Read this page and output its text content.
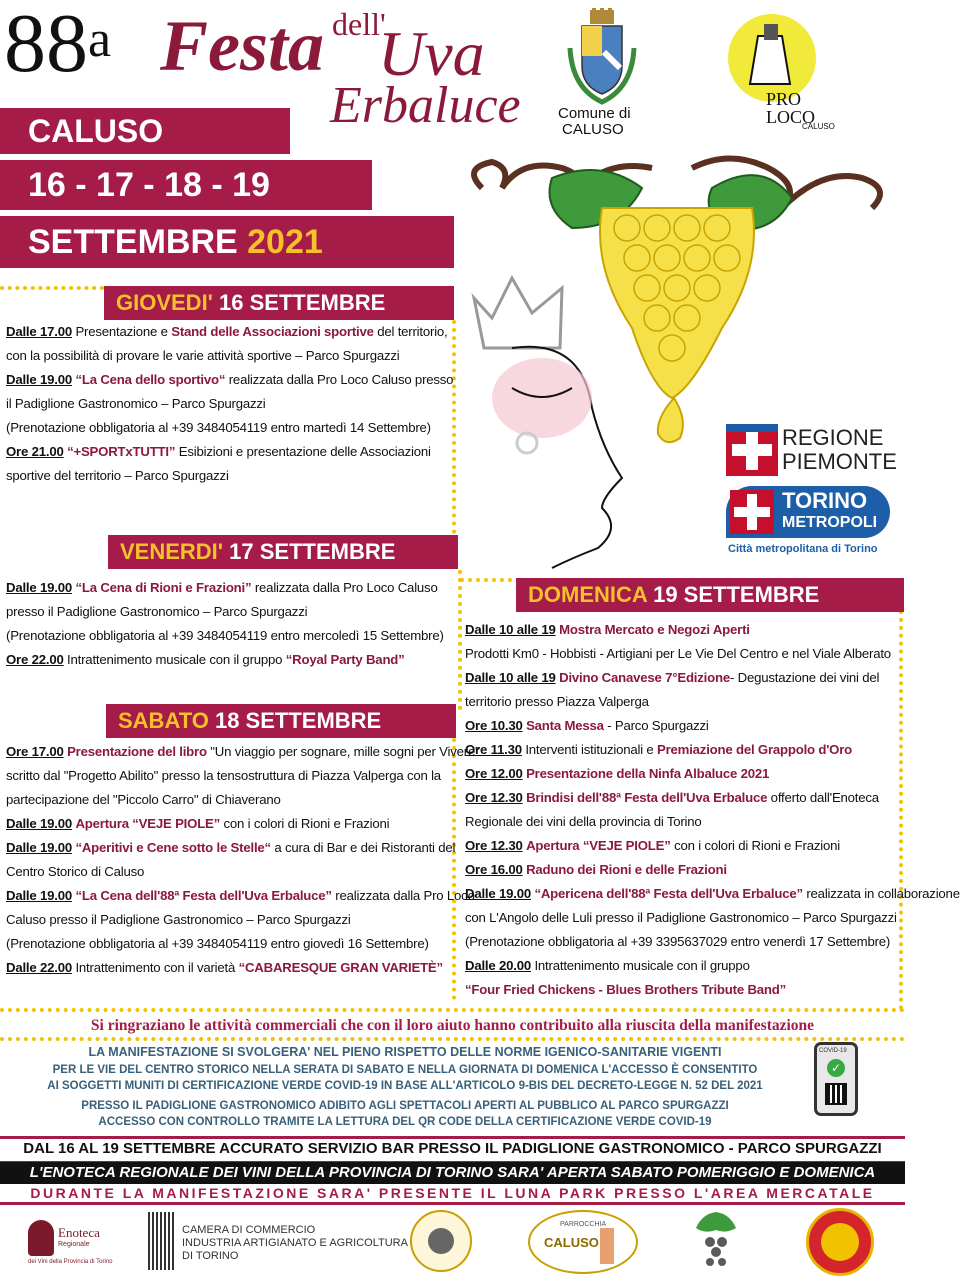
88$^a$ Festa dell'
Uva
Erbaluce
CALUSO
16 - 17 - 18 - 19
SETTEMBRE 2021
Comune di
CALUSO
PRO
LOCO
CALUSO
REGIONE
PIEMONTE
TORINO
METROPOLI
Città metropolitana di Torino
GIOVEDI' 16 SETTEMBRE
VENERDI' 17 SETTEMBRE
SABATO 18 SETTEMBRE
DOMENICA 19 SETTEMBRE
Si ringraziano le attività commerciali che con il loro aiuto hanno contribuito alla riuscita della manifestazione
LA MANIFESTAZIONE SI SVOLGERA' NEL PIENO RISPETTO DELLE NORME IGENICO-SANITARIE VIGENTI
PER LE VIE DEL CENTRO STORICO NELLA SERATA DI SABATO E NELLA GIORNATA DI DOMENICA L'ACCESSO È CONSENTITO
AI SOGGETTI MUNITI DI CERTIFICAZIONE VERDE COVID-19 IN BASE ALL'ARTICOLO 9-BIS DEL DECRETO-LEGGE N. 52 DEL 2021
PRESSO IL PADIGLIONE GASTRONOMICO ADIBITO AGLI SPETTACOLI APERTI AL PUBBLICO AL PARCO SPURGAZZI
ACCESSO CON CONTROLLO TRAMITE LA LETTURA DEL QR CODE DELLA CERTIFICAZIONE VERDE COVID-19
COVID-19
✓
DAL 16 AL 19 SETTEMBRE ACCURATO SERVIZIO BAR PRESSO IL PADIGLIONE GASTRONOMICO - PARCO SPURGAZZI
L'ENOTECA REGIONALE DEI VINI DELLA PROVINCIA DI TORINO SARA' APERTA SABATO POMERIGGIO E DOMENICA
DURANTE LA MANIFESTAZIONE SARA' PRESENTE IL LUNA PARK PRESSO L'AREA MERCATALE
Enoteca
Regionale
dei Vini della Provincia di Torino
CAMERA DI COMMERCIO
INDUSTRIA ARTIGIANATO E AGRICOLTURA
DI TORINO
PARROCCHIA
CALUSO
Dalle 17.00 Presentazione e Stand delle Associazioni sportive del territorio,
con la possibilità di provare le varie attività sportive – Parco Spurgazzi
Dalle 19.00 “La Cena dello sportivo“ realizzata dalla Pro Loco Caluso presso
il Padiglione Gastronomico – Parco Spurgazzi
(Prenotazione obbligatoria al +39 3484054119 entro martedì 14 Settembre)
Ore 21.00 “+SPORTxTUTTI” Esibizioni e presentazione delle Associazioni
sportive del territorio – Parco Spurgazzi
Dalle 19.00 “La Cena di Rioni e Frazioni” realizzata dalla Pro Loco Caluso
presso il Padiglione Gastronomico – Parco Spurgazzi
(Prenotazione obbligatoria al +39 3484054119 entro mercoledì 15 Settembre)
Ore 22.00 Intrattenimento musicale con il gruppo “Royal Party Band”
Ore 17.00 Presentazione del libro "Un viaggio per sognare, mille sogni per Vivere"
scritto dal "Progetto Abilito" presso la tensostruttura di Piazza Valperga con la
partecipazione del "Piccolo Carro" di Chiaverano
Dalle 19.00 Apertura “VEJE PIOLE” con i colori di Rioni e Frazioni
Dalle 19.00 “Aperitivi e Cene sotto le Stelle“ a cura di Bar e dei Ristoranti del
Centro Storico di Caluso
Dalle 19.00 “La Cena dell'88ª Festa dell'Uva Erbaluce” realizzata dalla Pro Loco
Caluso presso il Padiglione Gastronomico – Parco Spurgazzi
(Prenotazione obbligatoria al +39 3484054119 entro giovedì 16 Settembre)
Dalle 22.00 Intrattenimento con il varietà “CABARESQUE GRAN VARIETÈ”
Dalle 10 alle 19 Mostra Mercato e Negozi Aperti
Prodotti Km0 - Hobbisti - Artigiani per Le Vie Del Centro e nel Viale Alberato
Dalle 10 alle 19 Divino Canavese 7°Edizione- Degustazione dei vini del
territorio presso Piazza Valperga
Ore 10.30 Santa Messa - Parco Spurgazzi
Ore 11.30 Interventi istituzionali e Premiazione del Grappolo d'Oro
Ore 12.00 Presentazione della Ninfa Albaluce 2021
Ore 12.30 Brindisi dell'88ª Festa dell'Uva Erbaluce offerto dall'Enoteca
Regionale dei vini della provincia di Torino
Ore 12.30 Apertura “VEJE PIOLE” con i colori di Rioni e Frazioni
Ore 16.00 Raduno dei Rioni e delle Frazioni
Dalle 19.00 “Apericena dell'88ª Festa dell'Uva Erbaluce” realizzata in collaborazione
con L'Angolo delle Luli presso il Padiglione Gastronomico – Parco Spurgazzi
(Prenotazione obbligatoria al +39 3395637029 entro venerdì 17 Settembre)
Dalle 20.00 Intrattenimento musicale con il gruppo
“Four Fried Chickens - Blues Brothers Tribute Band”
